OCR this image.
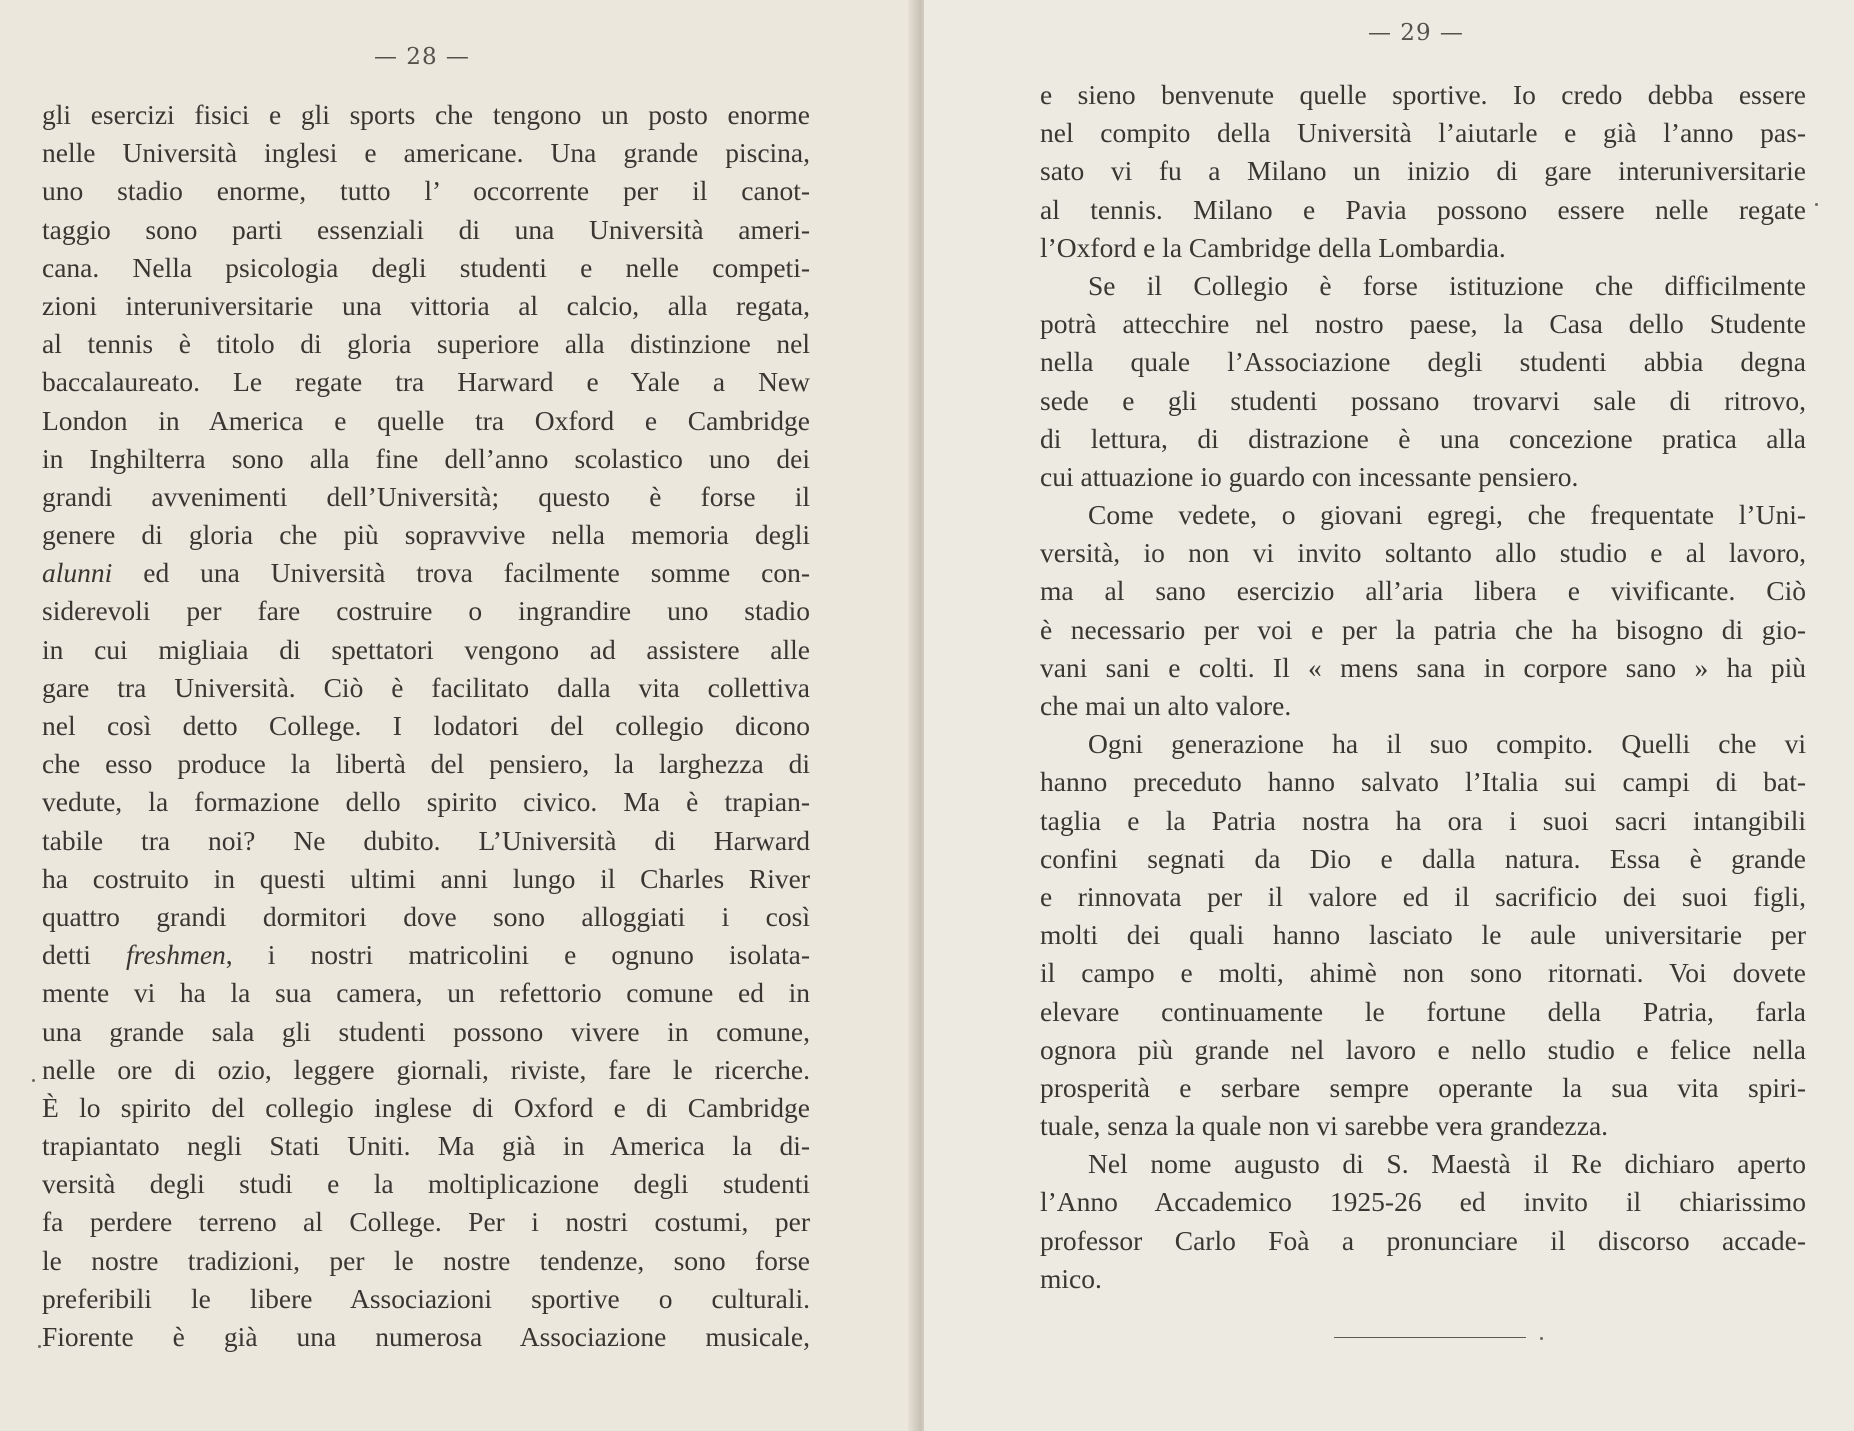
— 28 —
gli esercizi fisici e gli sports che tengono un posto enorme
nelle Università inglesi e americane. Una grande piscina,
uno stadio enorme, tutto l’ occorrente per il canot-
taggio sono parti essenziali di una Università ameri-
cana. Nella psicologia degli studenti e nelle competi-
zioni interuniversitarie una vittoria al calcio, alla regata,
al tennis è titolo di gloria superiore alla distinzione nel
baccalaureato. Le regate tra Harward e Yale a New
London in America e quelle tra Oxford e Cambridge
in Inghilterra sono alla fine dell’anno scolastico uno dei
grandi avvenimenti dell’Università; questo è forse il
genere di gloria che più sopravvive nella memoria degli
alunni ed una Università trova facilmente somme con-
siderevoli per fare costruire o ingrandire uno stadio
in cui migliaia di spettatori vengono ad assistere alle
gare tra Università. Ciò è facilitato dalla vita collettiva
nel così detto College. I lodatori del collegio dicono
che esso produce la libertà del pensiero, la larghezza di
vedute, la formazione dello spirito civico. Ma è trapian-
tabile tra noi? Ne dubito. L’Università di Harward
ha costruito in questi ultimi anni lungo il Charles River
quattro grandi dormitori dove sono alloggiati i così
detti freshmen, i nostri matricolini e ognuno isolata-
mente vi ha la sua camera, un refettorio comune ed in
una grande sala gli studenti possono vivere in comune,
nelle ore di ozio, leggere giornali, riviste, fare le ricerche.
È lo spirito del collegio inglese di Oxford e di Cambridge
trapiantato negli Stati Uniti. Ma già in America la di-
versità degli studi e la moltiplicazione degli studenti
fa perdere terreno al College. Per i nostri costumi, per
le nostre tradizioni, per le nostre tendenze, sono forse
preferibili le libere Associazioni sportive o culturali.
Fiorente è già una numerosa Associazione musicale,
— 29 —
e sieno benvenute quelle sportive. Io credo debba essere
nel compito della Università l’aiutarle e già l’anno pas-
sato vi fu a Milano un inizio di gare interuniversitarie
al tennis. Milano e Pavia possono essere nelle regate
l’Oxford e la Cambridge della Lombardia.
Se il Collegio è forse istituzione che difficilmente
potrà attecchire nel nostro paese, la Casa dello Studente
nella quale l’Associazione degli studenti abbia degna
sede e gli studenti possano trovarvi sale di ritrovo,
di lettura, di distrazione è una concezione pratica alla
cui attuazione io guardo con incessante pensiero.
Come vedete, o giovani egregi, che frequentate l’Uni-
versità, io non vi invito soltanto allo studio e al lavoro,
ma al sano esercizio all’aria libera e vivificante. Ciò
è necessario per voi e per la patria che ha bisogno di gio-
vani sani e colti. Il « mens sana in corpore sano » ha più
che mai un alto valore.
Ogni generazione ha il suo compito. Quelli che vi
hanno preceduto hanno salvato l’Italia sui campi di bat-
taglia e la Patria nostra ha ora i suoi sacri intangibili
confini segnati da Dio e dalla natura. Essa è grande
e rinnovata per il valore ed il sacrificio dei suoi figli,
molti dei quali hanno lasciato le aule universitarie per
il campo e molti, ahimè non sono ritornati. Voi dovete
elevare continuamente le fortune della Patria, farla
ognora più grande nel lavoro e nello studio e felice nella
prosperità e serbare sempre operante la sua vita spiri-
tuale, senza la quale non vi sarebbe vera grandezza.
Nel nome augusto di S. Maestà il Re dichiaro aperto
l’Anno Accademico 1925-26 ed invito il chiarissimo
professor Carlo Foà a pronunciare il discorso accade-
mico.
